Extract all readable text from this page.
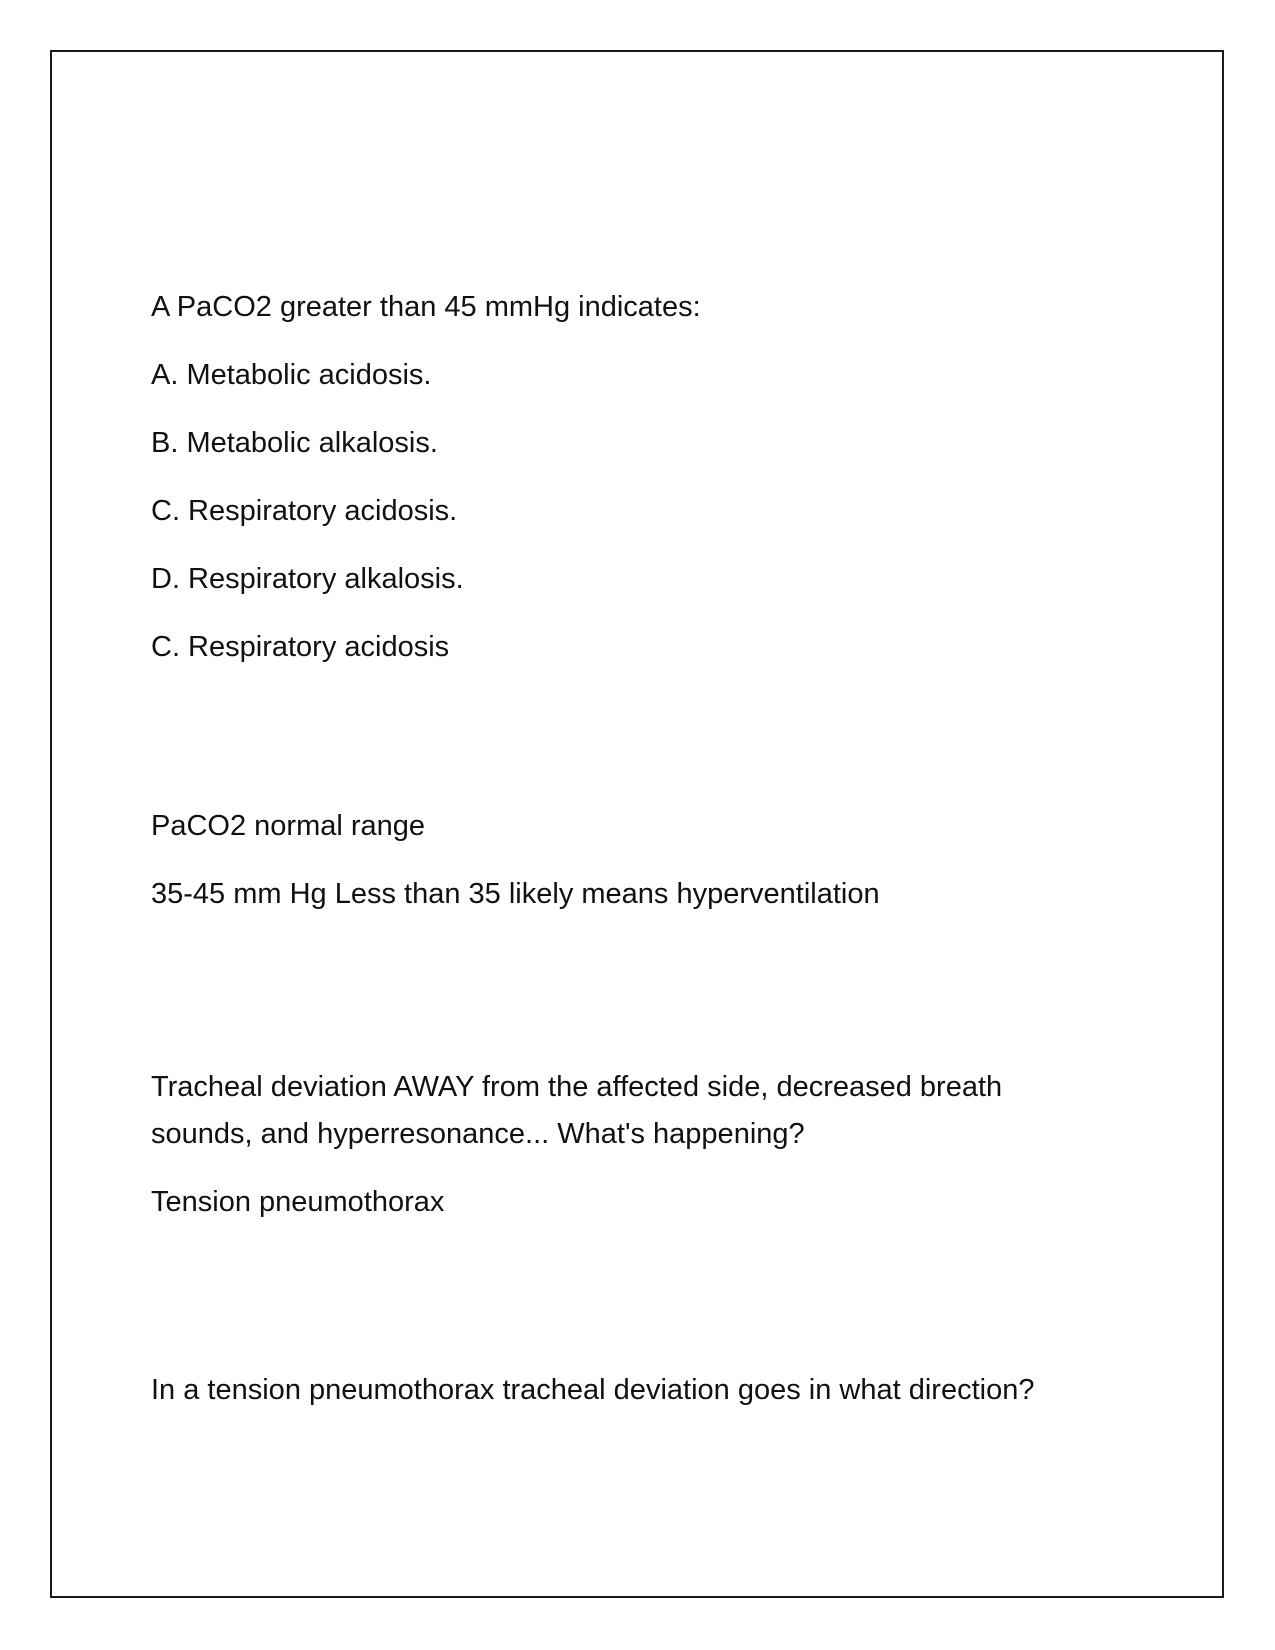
A PaCO2 greater than 45 mmHg indicates:
A. Metabolic acidosis.
B. Metabolic alkalosis.
C. Respiratory acidosis.
D. Respiratory alkalosis.
C. Respiratory acidosis
PaCO2 normal range
35-45 mm Hg Less than 35 likely means hyperventilation
Tracheal deviation AWAY from the affected side, decreased breath sounds, and hyperresonance... What's happening?
Tension pneumothorax
In a tension pneumothorax tracheal deviation goes in what direction?
